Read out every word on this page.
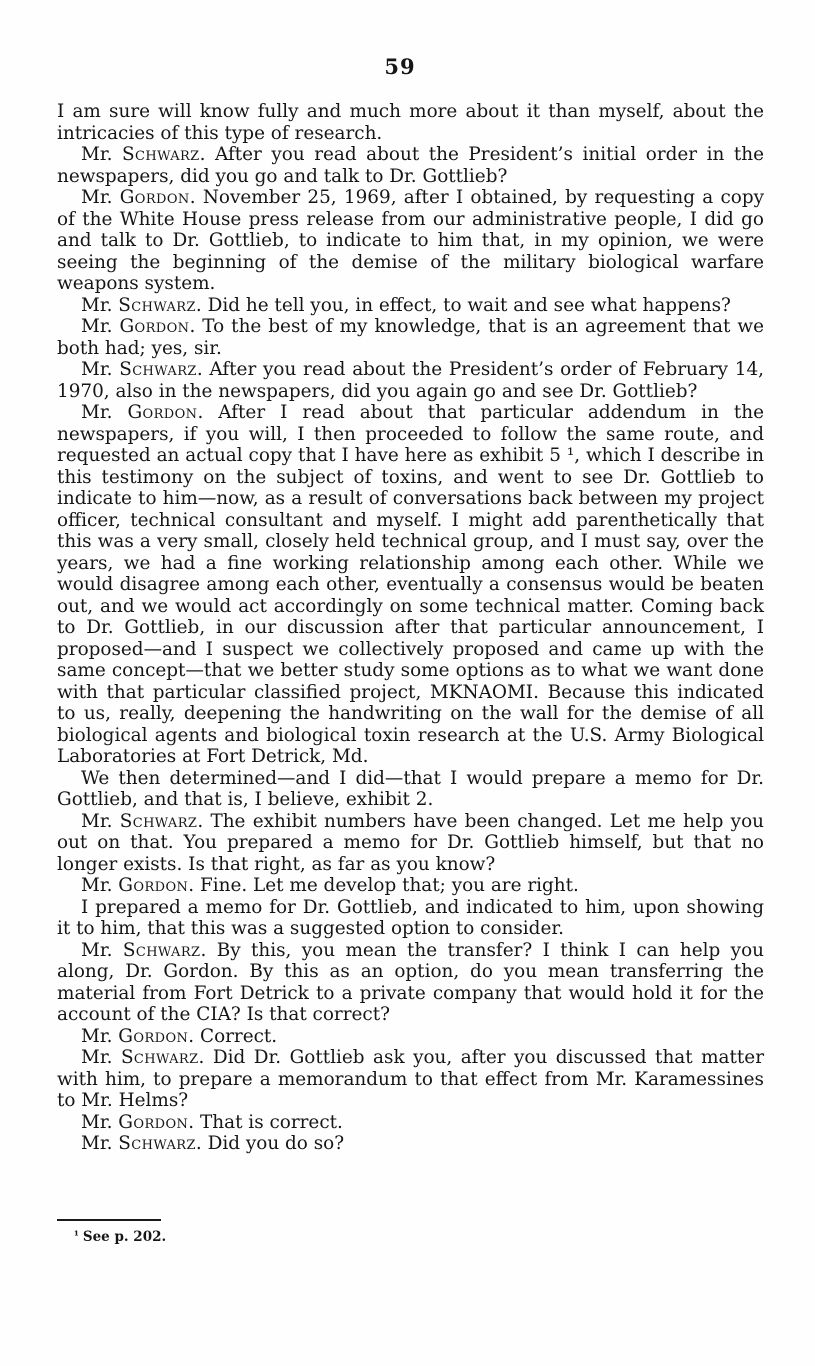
59

I am sure will know fully and much more about it than myself, about the intricacies of this type of research.

Mr. Schwarz. After you read about the President’s initial order in the newspapers, did you go and talk to Dr. Gottlieb?

Mr. Gordon. November 25, 1969, after I obtained, by requesting a copy of the White House press release from our administrative people, I did go and talk to Dr. Gottlieb, to indicate to him that, in my opinion, we were seeing the beginning of the demise of the military biological warfare weapons system.

Mr. Schwarz. Did he tell you, in effect, to wait and see what happens?

Mr. Gordon. To the best of my knowledge, that is an agreement that we both had; yes, sir.

Mr. Schwarz. After you read about the President’s order of February 14, 1970, also in the newspapers, did you again go and see Dr. Gottlieb?

Mr. Gordon. After I read about that particular addendum in the newspapers, if you will, I then proceeded to follow the same route, and requested an actual copy that I have here as exhibit 5 ¹, which I describe in this testimony on the subject of toxins, and went to see Dr. Gottlieb to indicate to him—now, as a result of conversations back between my project officer, technical consultant and myself. I might add parenthetically that this was a very small, closely held technical group, and I must say, over the years, we had a fine working relationship among each other. While we would disagree among each other, eventually a consensus would be beaten out, and we would act accordingly on some technical matter. Coming back to Dr. Gottlieb, in our discussion after that particular announcement, I proposed—and I suspect we collectively proposed and came up with the same concept—that we better study some options as to what we want done with that particular classified project, MKNAOMI. Because this indicated to us, really, deepening the handwriting on the wall for the demise of all biological agents and biological toxin research at the U.S. Army Biological Laboratories at Fort Detrick, Md.

We then determined—and I did—that I would prepare a memo for Dr. Gottlieb, and that is, I believe, exhibit 2.

Mr. Schwarz. The exhibit numbers have been changed. Let me help you out on that. You prepared a memo for Dr. Gottlieb himself, but that no longer exists. Is that right, as far as you know?

Mr. Gordon. Fine. Let me develop that; you are right.

I prepared a memo for Dr. Gottlieb, and indicated to him, upon showing it to him, that this was a suggested option to consider.

Mr. Schwarz. By this, you mean the transfer? I think I can help you along, Dr. Gordon. By this as an option, do you mean transferring the material from Fort Detrick to a private company that would hold it for the account of the CIA? Is that correct?

Mr. Gordon. Correct.

Mr. Schwarz. Did Dr. Gottlieb ask you, after you discussed that matter with him, to prepare a memorandum to that effect from Mr. Karamessines to Mr. Helms?

Mr. Gordon. That is correct.

Mr. Schwarz. Did you do so?

¹ See p. 202.
